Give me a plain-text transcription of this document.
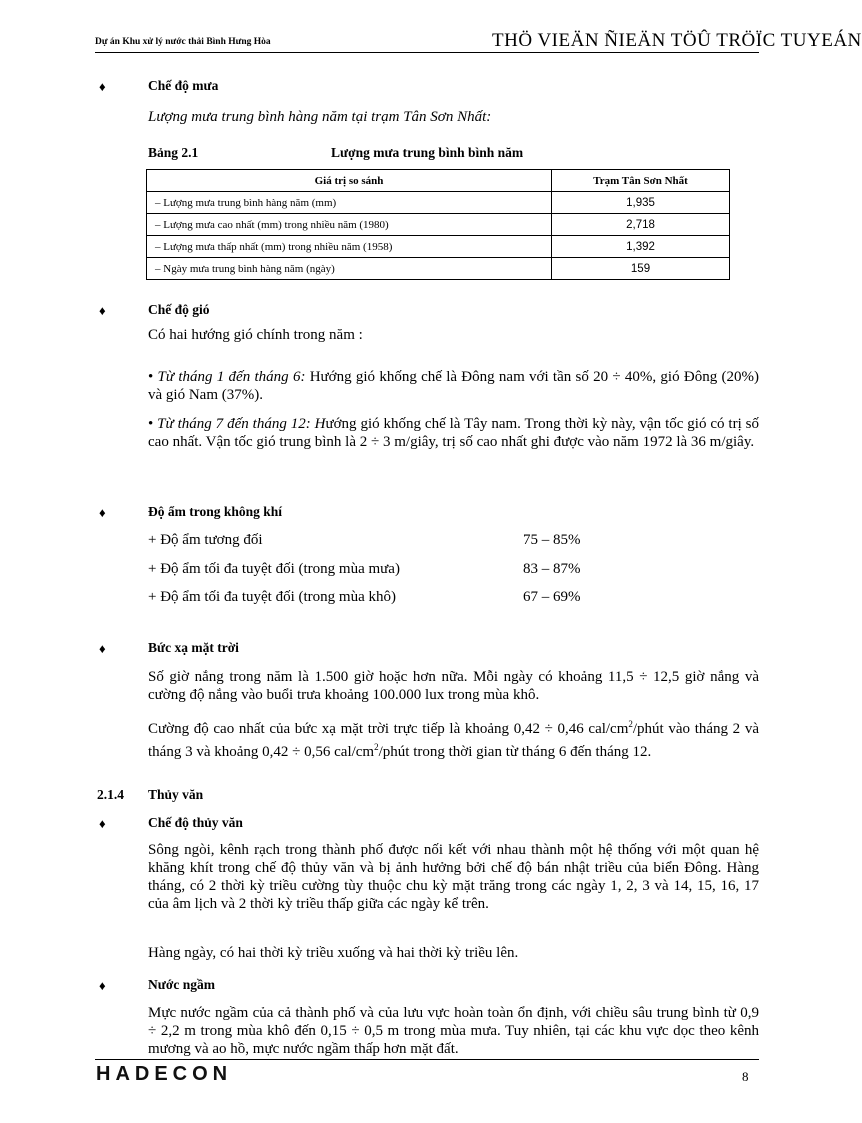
Dự án Khu xử lý nước thải Bình Hưng Hòa	THÖ VIEÄN ÑIEÄN TÖÛ TRÖÏC TUYEÁN
♦	Chế độ mưa
Lượng mưa trung bình hàng năm tại trạm Tân Sơn Nhất:
Bảng 2.1	Lượng mưa trung bình bình năm
Giá trị so sánh	Trạm Tân Sơn Nhất
– Lượng mưa trung bình hàng năm (mm)	1,935
– Lượng mưa cao nhất (mm) trong nhiều năm (1980)	2,718
– Lượng mưa thấp nhất (mm) trong nhiều năm (1958)	1,392
– Ngày mưa trung bình hàng năm (ngày)	159
♦	Chế độ gió
Có hai hướng gió chính trong năm :
• Từ tháng 1 đến tháng 6: Hướng gió khống chế là Đông nam với tần số 20 ÷ 40%, gió Đông (20%) và gió Nam (37%).
• Từ tháng 7 đến tháng 12: Hướng gió khống chế là Tây nam. Trong thời kỳ này, vận tốc gió có trị số cao nhất. Vận tốc gió trung bình là 2 ÷ 3 m/giây, trị số cao nhất ghi được vào năm 1972 là 36 m/giây.
♦	Độ ẩm trong không khí
+ Độ ẩm tương đối	75 – 85%
+ Độ ẩm tối đa tuyệt đối (trong mùa mưa)	83 – 87%
+ Độ ẩm tối đa tuyệt đối (trong mùa khô)	67 – 69%
♦	Bức xạ mặt trời
Số giờ nắng trong năm là 1.500 giờ hoặc hơn nữa. Mỗi ngày có khoảng 11,5 ÷ 12,5 giờ nắng và cường độ nắng vào buổi trưa khoảng 100.000 lux trong mùa khô.
Cường độ cao nhất của bức xạ mặt trời trực tiếp là khoảng 0,42 ÷ 0,46 cal/$cm^2$/phút vào tháng 2 và tháng 3 và khoảng 0,42 ÷ 0,56 cal/$cm^2$/phút trong thời gian từ tháng 6 đến tháng 12.
2.1.4 Thủy văn
♦	Chế độ thủy văn
Sông ngòi, kênh rạch trong thành phố được nối kết với nhau thành một hệ thống với một quan hệ khăng khít trong chế độ thủy văn và bị ảnh hưởng bởi chế độ bán nhật triều của biển Đông. Hàng tháng, có 2 thời kỳ triều cường tùy thuộc chu kỳ mặt trăng trong các ngày 1, 2, 3 và 14, 15, 16, 17 của âm lịch và 2 thời kỳ triều thấp giữa các ngày kể trên.
Hàng ngày, có hai thời kỳ triều xuống và hai thời kỳ triều lên.
♦	Nước ngầm
Mực nước ngầm của cả thành phố và của lưu vực hoàn toàn ổn định, với chiều sâu trung bình từ 0,9 ÷ 2,2 m trong mùa khô đến 0,15 ÷ 0,5 m trong mùa mưa. Tuy nhiên, tại các khu vực dọc theo kênh mương và ao hồ, mực nước ngầm thấp hơn mặt đất.
HADECON	8
